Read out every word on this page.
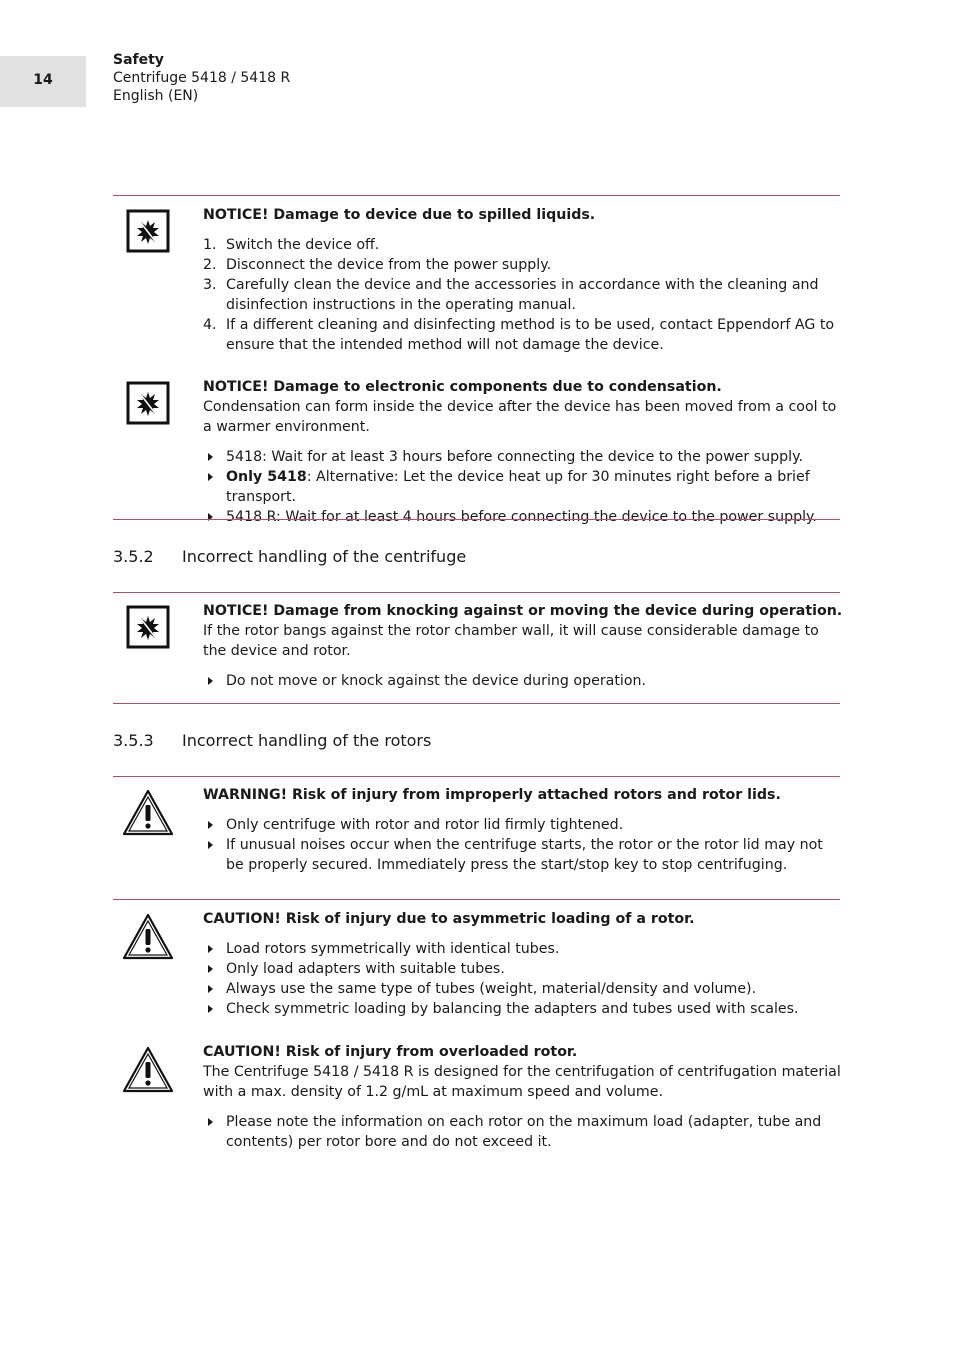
14
Safety
Centrifuge 5418 / 5418 R
English (EN)
NOTICE! Damage to device due to spilled liquids.
1. Switch the device off.
2. Disconnect the device from the power supply.
3. Carefully clean the device and the accessories in accordance with the cleaning and disinfection instructions in the operating manual.
4. If a different cleaning and disinfecting method is to be used, contact Eppendorf AG to ensure that the intended method will not damage the device.
NOTICE! Damage to electronic components due to condensation.
Condensation can form inside the device after the device has been moved from a cool to a warmer environment.
5418: Wait for at least 3 hours before connecting the device to the power supply.
Only 5418: Alternative: Let the device heat up for 30 minutes right before a brief transport.
5418 R: Wait for at least 4 hours before connecting the device to the power supply.
3.5.2 Incorrect handling of the centrifuge
NOTICE! Damage from knocking against or moving the device during operation.
If the rotor bangs against the rotor chamber wall, it will cause considerable damage to the device and rotor.
Do not move or knock against the device during operation.
3.5.3 Incorrect handling of the rotors
WARNING! Risk of injury from improperly attached rotors and rotor lids.
Only centrifuge with rotor and rotor lid firmly tightened.
If unusual noises occur when the centrifuge starts, the rotor or the rotor lid may not be properly secured. Immediately press the start/stop key to stop centrifuging.
CAUTION! Risk of injury due to asymmetric loading of a rotor.
Load rotors symmetrically with identical tubes.
Only load adapters with suitable tubes.
Always use the same type of tubes (weight, material/density and volume).
Check symmetric loading by balancing the adapters and tubes used with scales.
CAUTION! Risk of injury from overloaded rotor.
The Centrifuge 5418 / 5418 R is designed for the centrifugation of centrifugation material with a max. density of 1.2 g/mL at maximum speed and volume.
Please note the information on each rotor on the maximum load (adapter, tube and contents) per rotor bore and do not exceed it.
